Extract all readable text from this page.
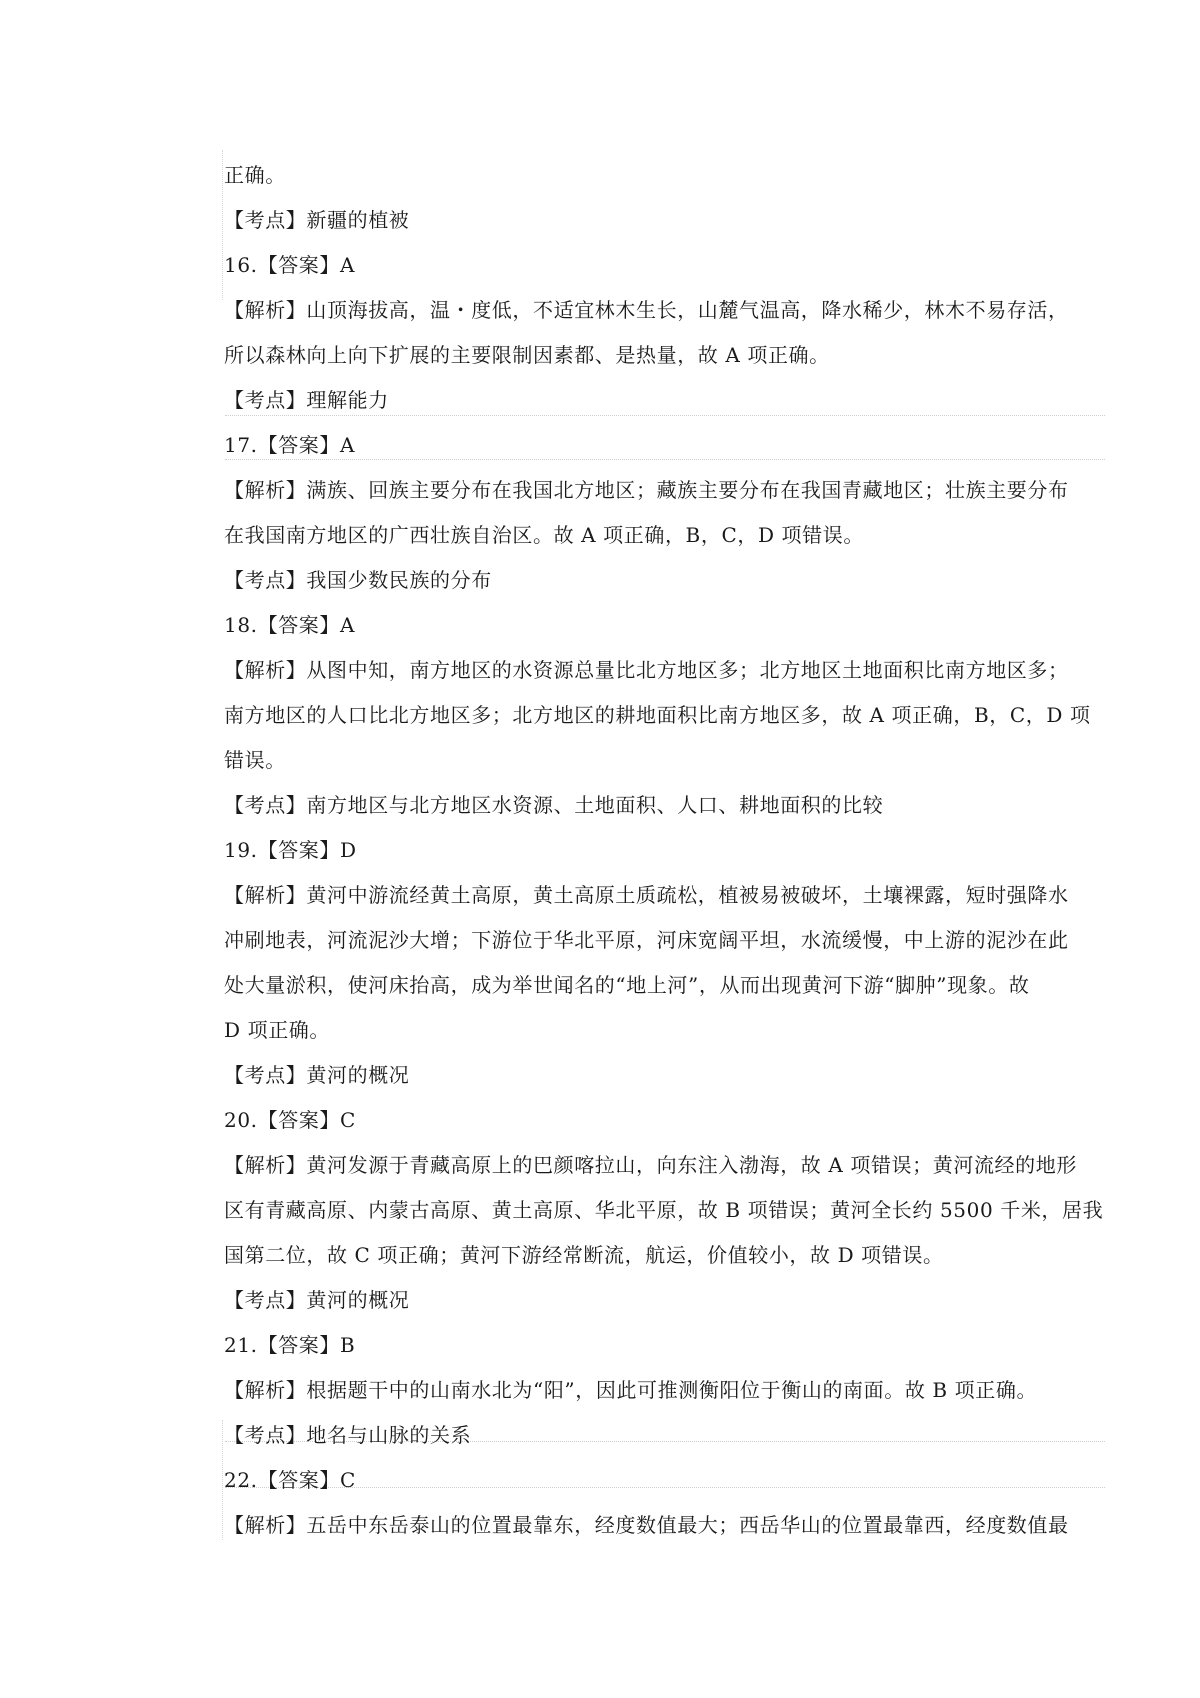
正确。
【考点】新疆的植被
16.【答案】A
【解析】山顶海拔高，温・度低，不适宜林木生长，山麓气温高，降水稀少，林木不易存活，
所以森林向上向下扩展的主要限制因素都、是热量，故 A 项正确。
【考点】理解能力
17.【答案】A
【解析】满族、回族主要分布在我国北方地区；藏族主要分布在我国青藏地区；壮族主要分布
在我国南方地区的广西壮族自治区。故 A 项正确，B，C，D 项错误。
【考点】我国少数民族的分布
18.【答案】A
【解析】从图中知，南方地区的水资源总量比北方地区多；北方地区土地面积比南方地区多；
南方地区的人口比北方地区多；北方地区的耕地面积比南方地区多，故 A 项正确，B，C，D 项
错误。
【考点】南方地区与北方地区水资源、土地面积、人口、耕地面积的比较
19.【答案】D
【解析】黄河中游流经黄土高原，黄土高原土质疏松，植被易被破坏，土壤裸露，短时强降水
冲刷地表，河流泥沙大增；下游位于华北平原，河床宽阔平坦，水流缓慢，中上游的泥沙在此
处大量淤积，使河床抬高，成为举世闻名的“地上河”，从而出现黄河下游“脚肿”现象。故
D 项正确。
【考点】黄河的概况
20.【答案】C
【解析】黄河发源于青藏高原上的巴颜喀拉山，向东注入渤海，故 A 项错误；黄河流经的地形
区有青藏高原、内蒙古高原、黄土高原、华北平原，故 B 项错误；黄河全长约 5500 千米，居我
国第二位，故 C 项正确；黄河下游经常断流，航运，价值较小，故 D 项错误。
【考点】黄河的概况
21.【答案】B
【解析】根据题干中的山南水北为“阳”，因此可推测衡阳位于衡山的南面。故 B 项正确。
【考点】地名与山脉的关系
22.【答案】C
【解析】五岳中东岳泰山的位置最靠东，经度数值最大；西岳华山的位置最靠西，经度数值最
